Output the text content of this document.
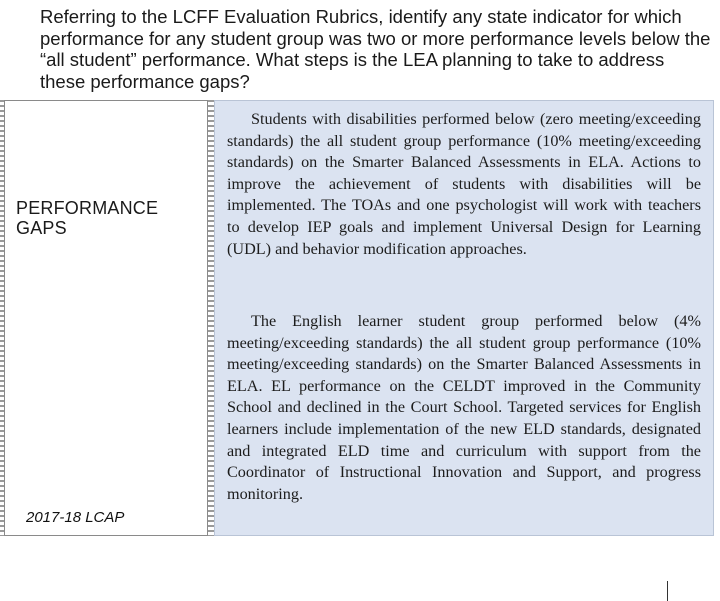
Referring to the LCFF Evaluation Rubrics, identify any state indicator for which performance for any student group was two or more performance levels below the “all student” performance. What steps is the LEA planning to take to address these performance gaps?
PERFORMANCE
GAPS
2017-18 LCAP

Students with disabilities performed below (zero meeting/exceeding standards) the all student group performance (10% meeting/exceeding standards) on the Smarter Balanced Assessments in ELA. Actions to improve the achievement of students with disabilities will be implemented. The TOAs and one psychologist will work with teachers to develop IEP goals and implement Universal Design for Learning (UDL) and behavior modification approaches.

The English learner student group performed below (4% meeting/exceeding standards) the all student group performance (10% meeting/exceeding standards) on the Smarter Balanced Assessments in ELA. EL performance on the CELDT improved in the Community School and declined in the Court School. Targeted services for English learners include implementation of the new ELD standards, designated and integrated ELD time and curriculum with support from the Coordinator of Instructional Innovation and Support, and progress monitoring.
